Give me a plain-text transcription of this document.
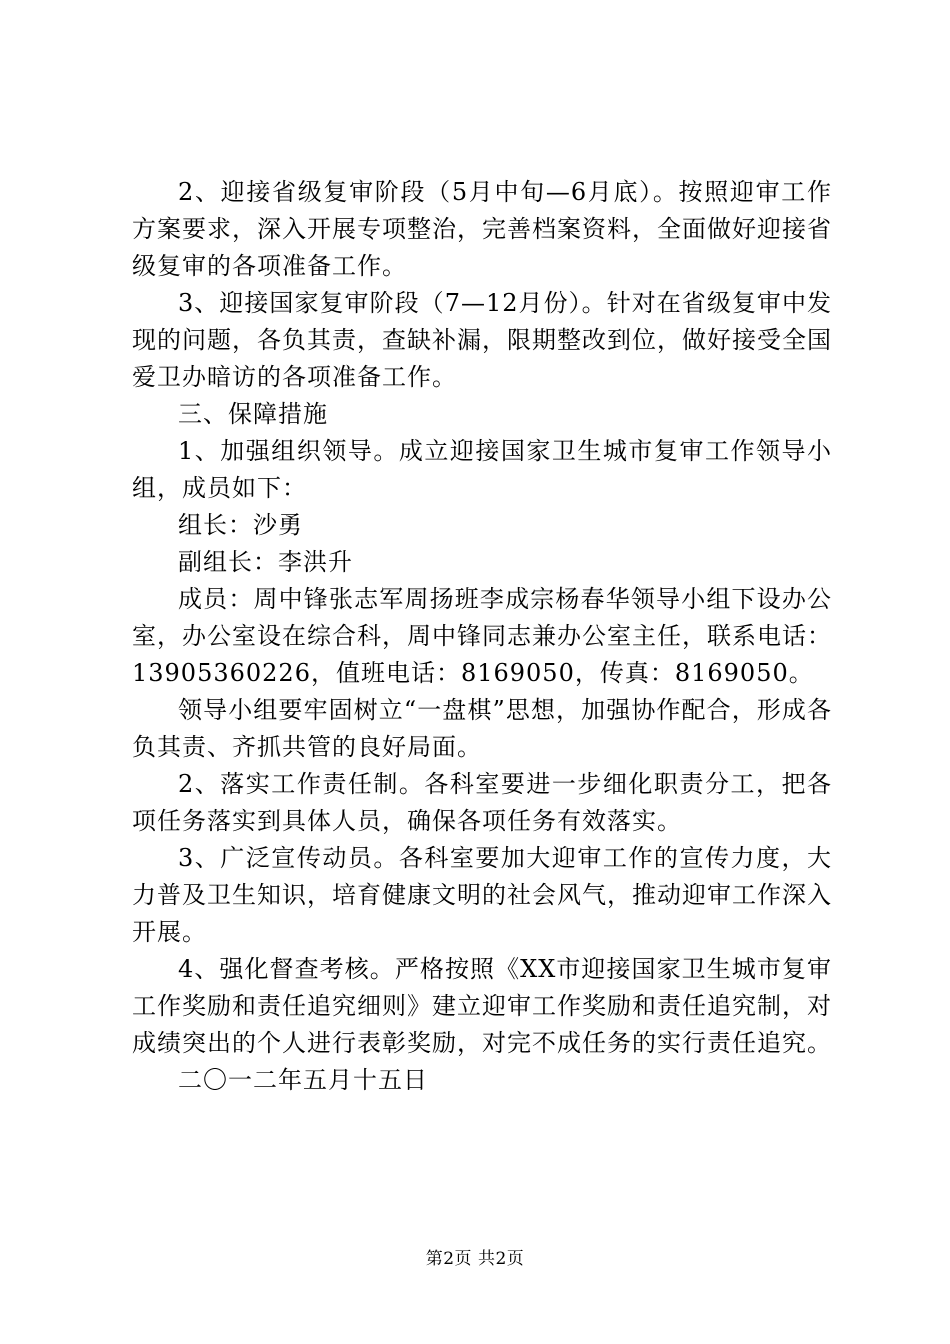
2、迎接省级复审阶段（5月中旬—6月底）。按照迎审工作方案要求，深入开展专项整治，完善档案资料，全面做好迎接省级复审的各项准备工作。

3、迎接国家复审阶段（7—12月份）。针对在省级复审中发现的问题，各负其责，查缺补漏，限期整改到位，做好接受全国爱卫办暗访的各项准备工作。

三、保障措施

1、加强组织领导。成立迎接国家卫生城市复审工作领导小组，成员如下：

组长：沙勇

副组长：李洪升

成员：周中锋张志军周扬班李成宗杨春华领导小组下设办公室，办公室设在综合科，周中锋同志兼办公室主任，联系电话：13905360226，值班电话：8169050，传真：8169050。

领导小组要牢固树立“一盘棋”思想，加强协作配合，形成各负其责、齐抓共管的良好局面。

2、落实工作责任制。各科室要进一步细化职责分工，把各项任务落实到具体人员，确保各项任务有效落实。

3、广泛宣传动员。各科室要加大迎审工作的宣传力度，大力普及卫生知识，培育健康文明的社会风气，推动迎审工作深入开展。

4、强化督查考核。严格按照《XX市迎接国家卫生城市复审工作奖励和责任追究细则》建立迎审工作奖励和责任追究制，对成绩突出的个人进行表彰奖励，对完不成任务的实行责任追究。

二〇一二年五月十五日

第2页 共2页
